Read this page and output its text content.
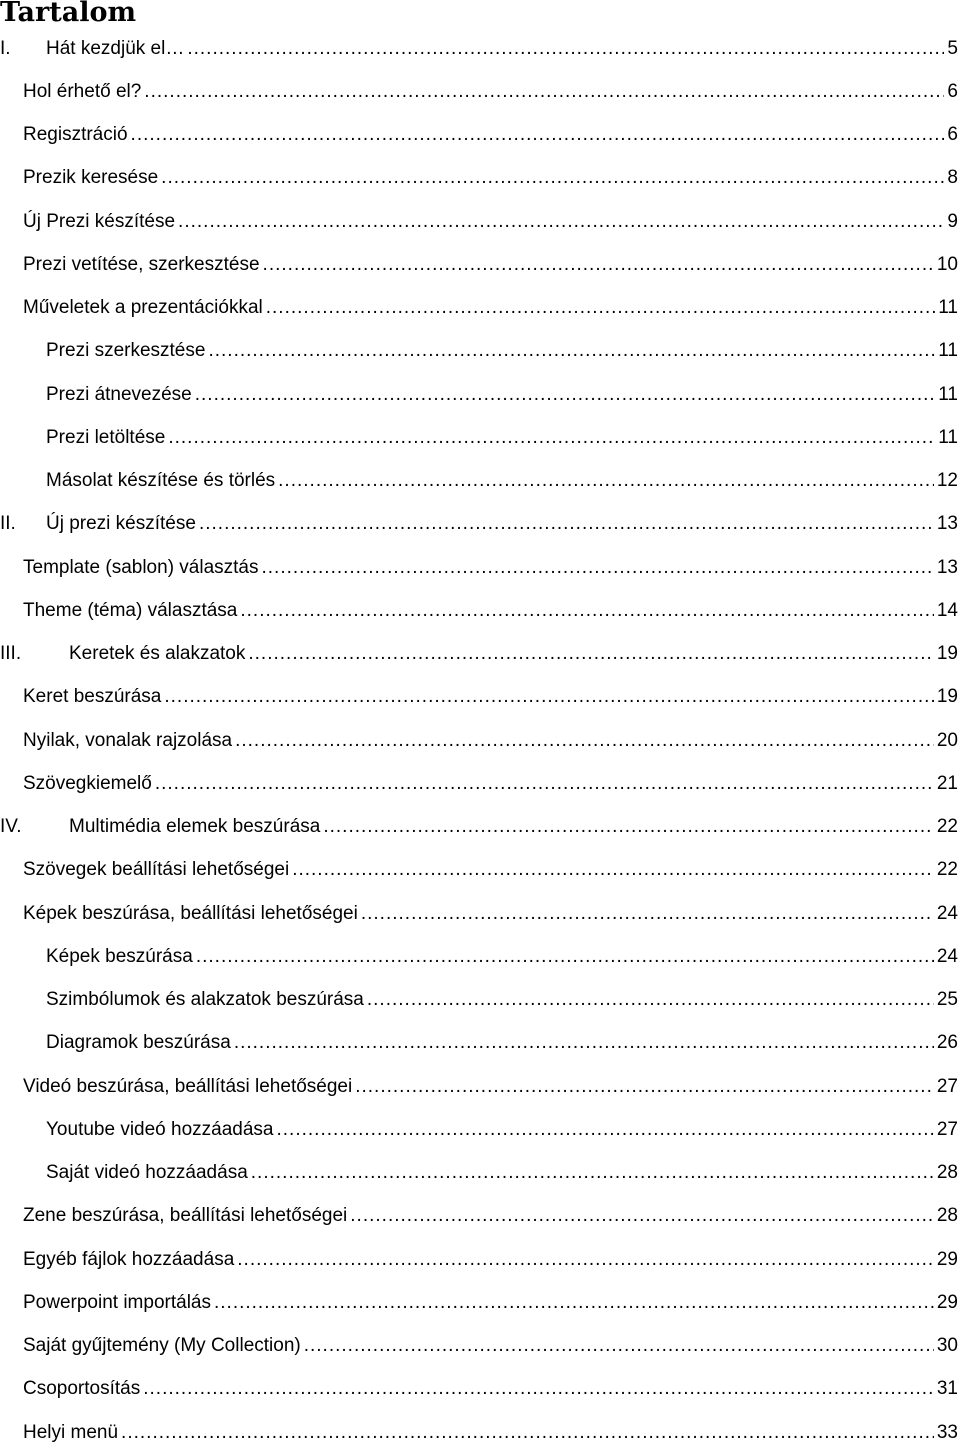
Tartalom
I.	Hát kezdjük el… .....	5
Hol érhető el? .....	6
Regisztráció .....	6
Prezik keresése .....	8
Új Prezi készítése .....	9
Prezi vetítése, szerkesztése .....	10
Műveletek a prezentációkkal .....	11
Prezi szerkesztése .....	11
Prezi átnevezése .....	11
Prezi letöltése .....	11
Másolat készítése és törlés .....	12
II.	Új prezi készítése .....	13
Template (sablon) választás .....	13
Theme (téma) választása .....	14
III.	Keretek és alakzatok .....	19
Keret beszúrása .....	19
Nyilak, vonalak rajzolása .....	20
Szövegkiemelő .....	21
IV.	Multimédia elemek beszúrása .....	22
Szövegek beállítási lehetőségei .....	22
Képek beszúrása, beállítási lehetőségei .....	24
Képek beszúrása .....	24
Szimbólumok és alakzatok beszúrása .....	25
Diagramok beszúrása .....	26
Videó beszúrása, beállítási lehetőségei .....	27
Youtube videó hozzáadása .....	27
Saját videó hozzáadása .....	28
Zene beszúrása, beállítási lehetőségei .....	28
Egyéb fájlok hozzáadása .....	29
Powerpoint importálás .....	29
Saját gyűjtemény (My Collection) .....	30
Csoportosítás .....	31
Helyi menü .....	33
